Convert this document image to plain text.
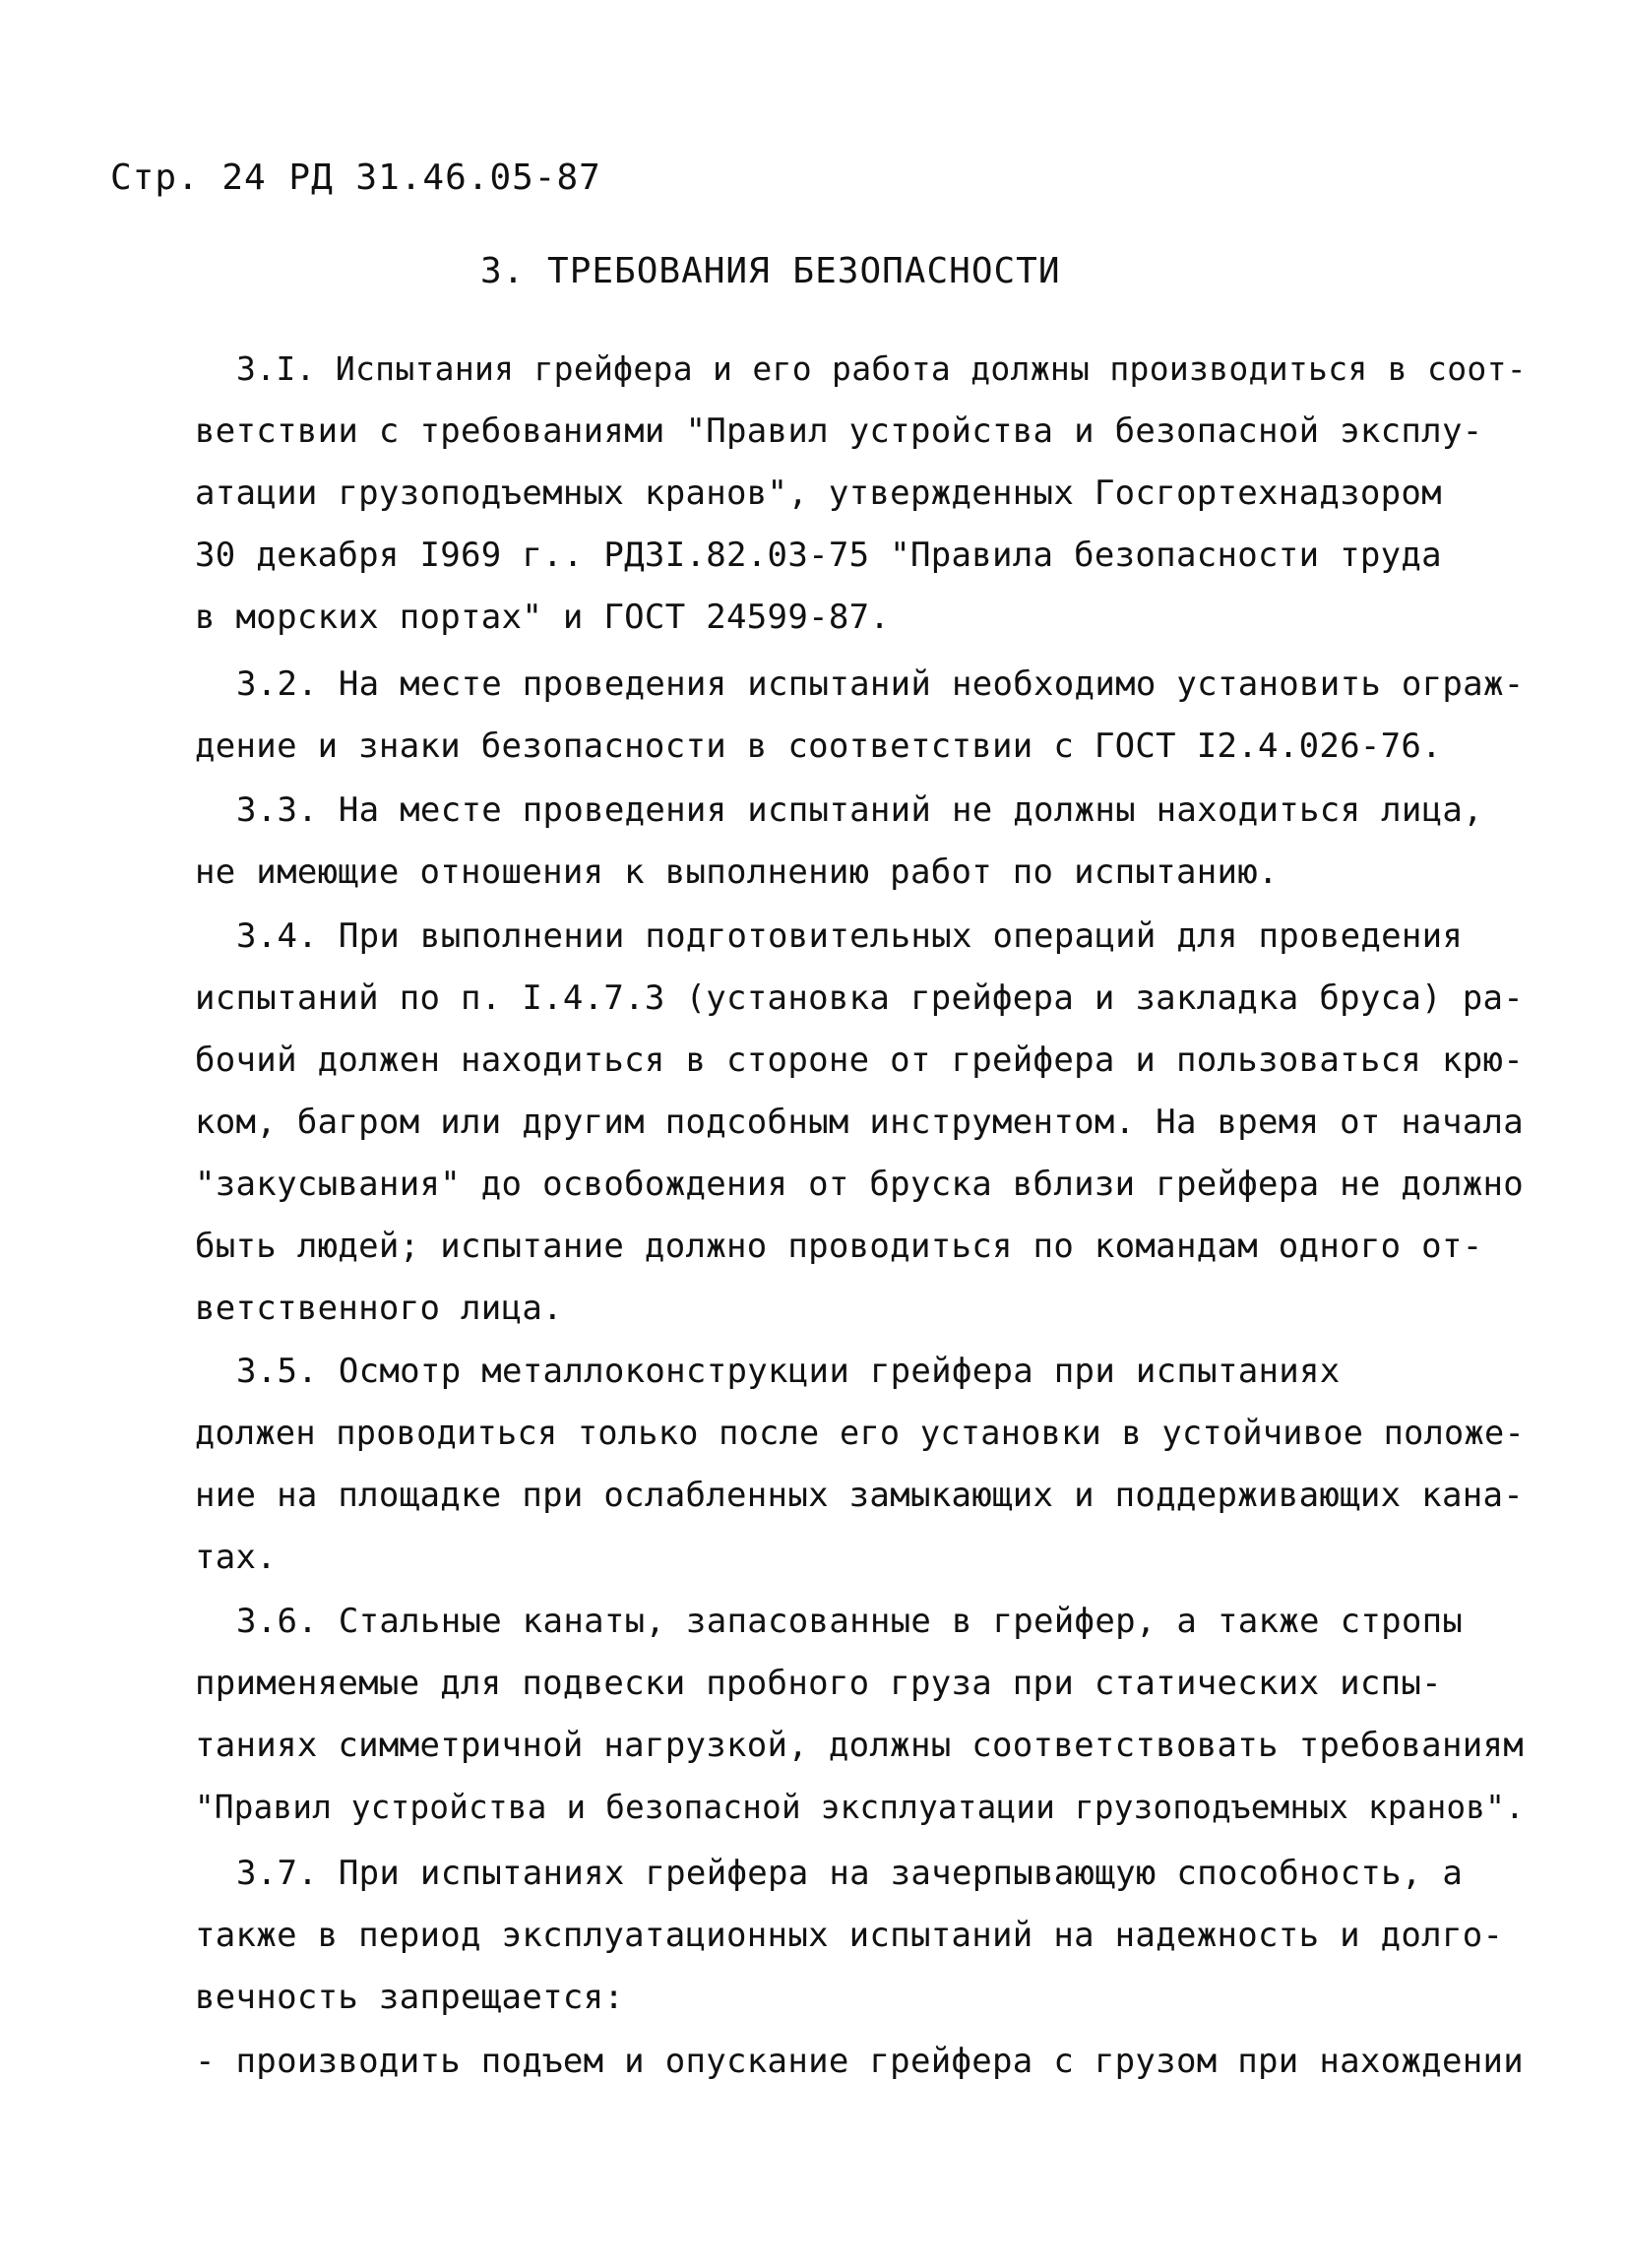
Стр. 24 РД 31.46.05-87
3. ТРЕБОВАНИЯ БЕЗОПАСНОСТИ
3.I. Испытания грейфера и его работа должны производиться в соот-
ветствии с требованиями "Правил устройства и безопасной эксплу-
атации грузоподъемных кранов", утвержденных Госгортехнадзором
30 декабря I969 г.. РДЗI.82.03-75 "Правила безопасности труда
в морских портах" и ГОСТ 24599-87.
3.2. На месте проведения испытаний необходимо установить ограж-
дение и знаки безопасности в соответствии с ГОСТ I2.4.026-76.
3.3. На месте проведения испытаний не должны находиться лица,
не имеющие отношения к выполнению работ по испытанию.
3.4. При выполнении подготовительных операций для проведения
испытаний по п. I.4.7.3 (установка грейфера и закладка бруса) ра-
бочий должен находиться в стороне от грейфера и пользоваться крю-
ком, багром или другим подсобным инструментом. На время от начала
"закусывания" до освобождения от бруска вблизи грейфера не должно
быть людей; испытание должно проводиться по командам одного от-
ветственного лица.
3.5. Осмотр металлоконструкции грейфера при испытаниях
должен проводиться только после его установки в устойчивое положе-
ние на площадке при ослабленных замыкающих и поддерживающих кана-
тах.
3.6. Стальные канаты, запасованные в грейфер, а также стропы
применяемые для подвески пробного груза при статических испы-
таниях симметричной нагрузкой, должны соответствовать требованиям
"Правил устройства и безопасной эксплуатации грузоподъемных кранов".
3.7. При испытаниях грейфера на зачерпывающую способность, а
также в период эксплуатационных испытаний на надежность и долго-
вечность запрещается:
- производить подъем и опускание грейфера с грузом при нахождении
